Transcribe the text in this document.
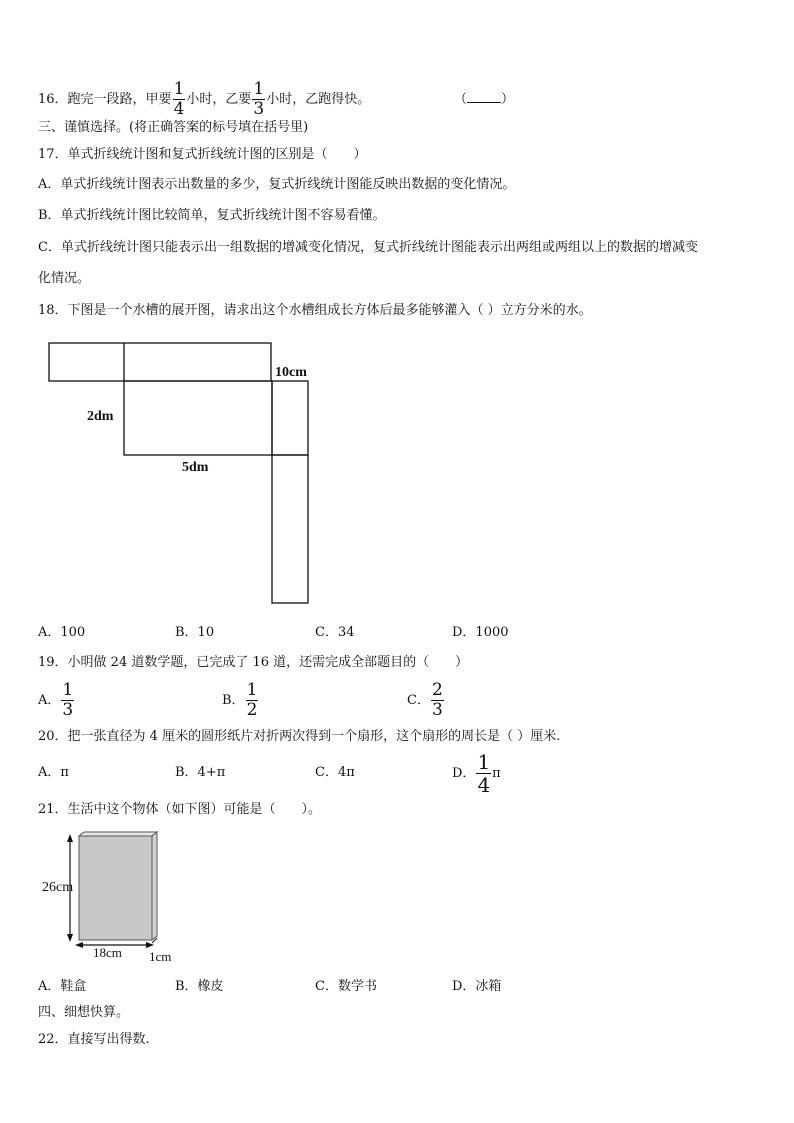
16．跑完一段路，甲要 $\frac{1}{4}$ 小时，乙要 $\frac{1}{3}$ 小时，乙跑得快。	（	）
三、谨慎选择。(将正确答案的标号填在括号里)
17．单式折线统计图和复式折线统计图的区别是（　　）
A．单式折线统计图表示出数量的多少，复式折线统计图能反映出数据的变化情况。
B．单式折线统计图比较简单，复式折线统计图不容易看懂。
C．单式折线统计图只能表示出一组数据的增减变化情况，复式折线统计图能表示出两组或两组以上的数据的增减变
化情况。
18．下图是一个水槽的展开图，请求出这个水槽组成长方体后最多能够灌入（ ）立方分米的水。
10cm
2dm
5dm
A．100	B．10	C．34	D．1000
19．小明做 24 道数学题，已完成了 16 道，还需完成全部题目的（　　）
A． $\frac{1}{3}$	B． $\frac{1}{2}$	C． $\frac{2}{3}$
20．把一张直径为 4 厘米的圆形纸片对折两次得到一个扇形，这个扇形的周长是（ ）厘米.
A．π	B．4+π	C．4π	D． $\frac{1}{4}$ π
21．生活中这个物体（如下图）可能是（　　）。
26cm
18cm 1cm
A．鞋盒	B．橡皮	C．数学书	D．冰箱
四、细想快算。
22．直接写出得数.
